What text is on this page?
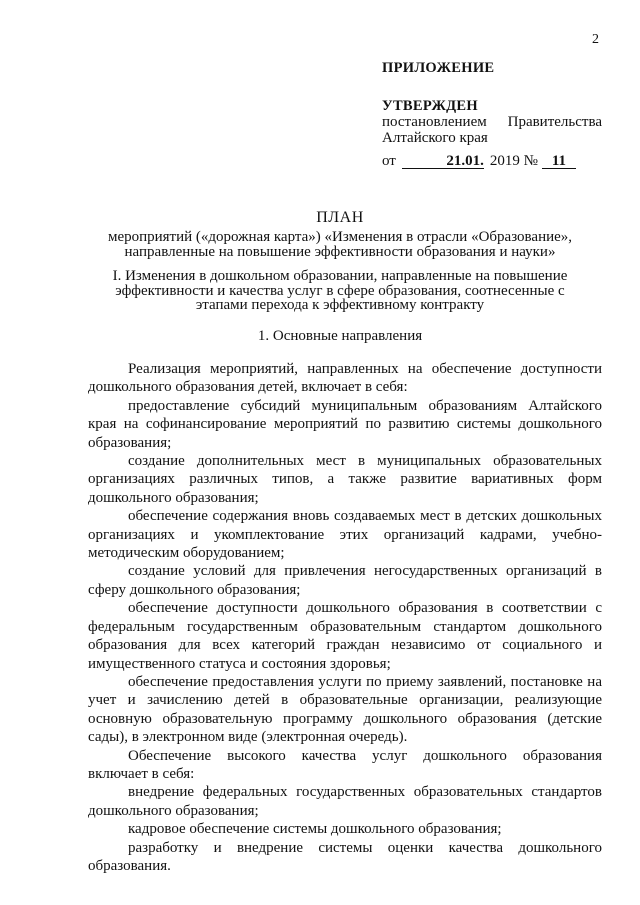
2
ПРИЛОЖЕНИЕ
УТВЕРЖДЕН
постановлением Правительства
Алтайского края
от	21.01. 2019 № 11
ПЛАН
мероприятий («дорожная карта») «Изменения в отрасли «Образование»,
направленные на повышение эффективности образования и науки»
I. Изменения в дошкольном образовании, направленные на повышение
эффективности и качества услуг в сфере образования, соотнесенные с
этапами перехода к эффективному контракту
1. Основные направления

Реализация мероприятий, направленных на обеспечение доступности дошкольного образования детей, включает в себя:

предоставление субсидий муниципальным образованиям Алтайского края на софинансирование мероприятий по развитию системы дошкольного образования;

создание дополнительных мест в муниципальных образовательных организациях различных типов, а также развитие вариативных форм дошкольного образования;

обеспечение содержания вновь создаваемых мест в детских дошкольных организациях и укомплектование этих организаций кадрами, учебно-методическим оборудованием;

создание условий для привлечения негосударственных организаций в сферу дошкольного образования;

обеспечение доступности дошкольного образования в соответствии с федеральным государственным образовательным стандартом дошкольного образования для всех категорий граждан независимо от социального и имущественного статуса и состояния здоровья;

обеспечение предоставления услуги по приему заявлений, постановке на учет и зачислению детей в образовательные организации, реализующие основную образовательную программу дошкольного образования (детские сады), в электронном виде (электронная очередь).

Обеспечение высокого качества услуг дошкольного образования включает в себя:

внедрение федеральных государственных образовательных стандартов дошкольного образования;

кадровое обеспечение системы дошкольного образования;

разработку и внедрение системы оценки качества дошкольного образования.
